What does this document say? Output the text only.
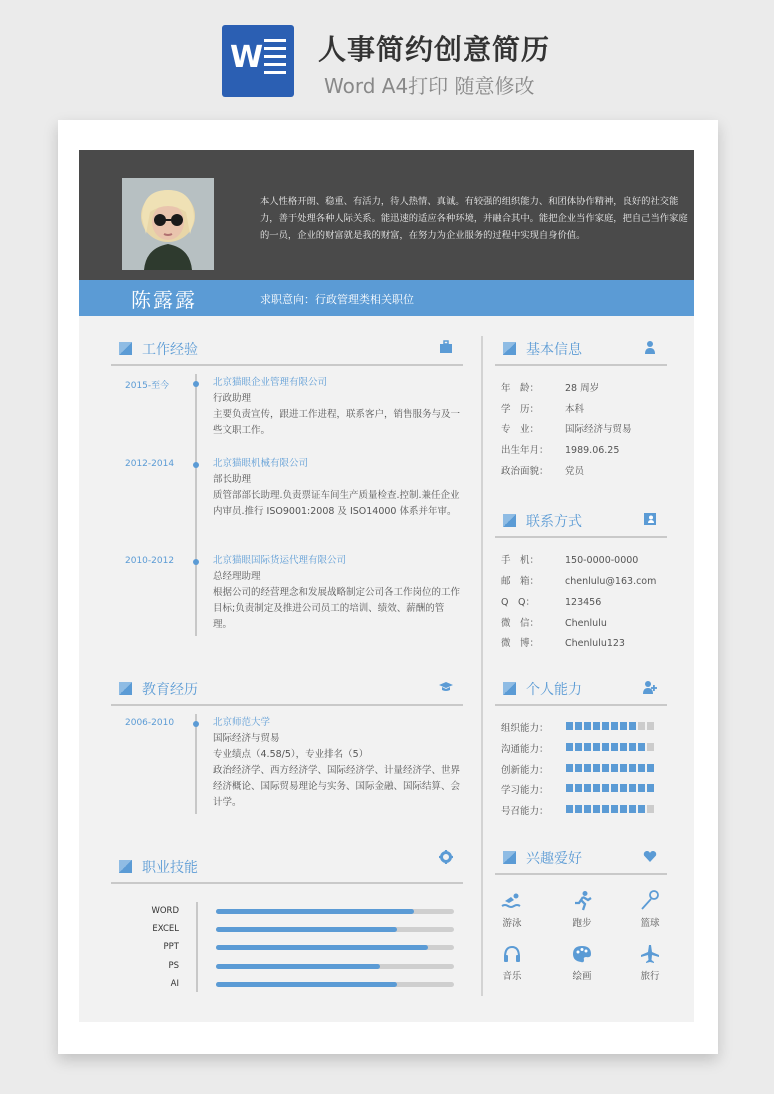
W 人事简约创意简历
Word A4打印 随意修改
本人性格开朗、稳重、有活力，待人热情、真诚。有较强的组织能力、和团体协作精神，良好的社交能力，善于处理各种人际关系。能迅速的适应各种环境，并融合其中。能把企业当作家庭，把自己当作家庭的一员，企业的财富就是我的财富，在努力为企业服务的过程中实现自身价值。
陈露露	求职意向：行政管理类相关职位
工作经验
2015-至今	北京猫眼企业管理有限公司
行政助理
主要负责宣传，跟进工作进程，联系客户，销售服务与及一些文职工作。
2012-2014	北京猫眼机械有限公司
部长助理
质管部部长助理.负责票证车间生产质量检查.控制.兼任企业内审员.推行 ISO9001:2008 及 ISO14000 体系并年审。
2010-2012	北京猫眼国际货运代理有限公司
总经理助理
根据公司的经营理念和发展战略制定公司各工作岗位的工作目标;负责制定及推进公司员工的培训、绩效、薪酬的管理。
教育经历
2006-2010	北京师范大学
国际经济与贸易
专业绩点（4.58/5），专业排名（5）
政治经济学、西方经济学、国际经济学、计量经济学、世界经济概论、国际贸易理论与实务、国际金融、国际结算、会计学。
职业技能
WORD
EXCEL
PPT
PS
AI
基本信息
年　龄：	28 周岁
学　历：	本科
专　业：	国际经济与贸易
出生年月： 1989.06.25
政治面貌： 党员
联系方式
手　机：	150-0000-0000
邮　箱：	chenlulu@163.com
Q　Q：	123456
微　信：	Chenlulu
微　博：	Chenlulu123
个人能力
组织能力：
沟通能力：
创新能力：
学习能力：
号召能力：
兴趣爱好
游泳	跑步	篮球
音乐	绘画	旅行
